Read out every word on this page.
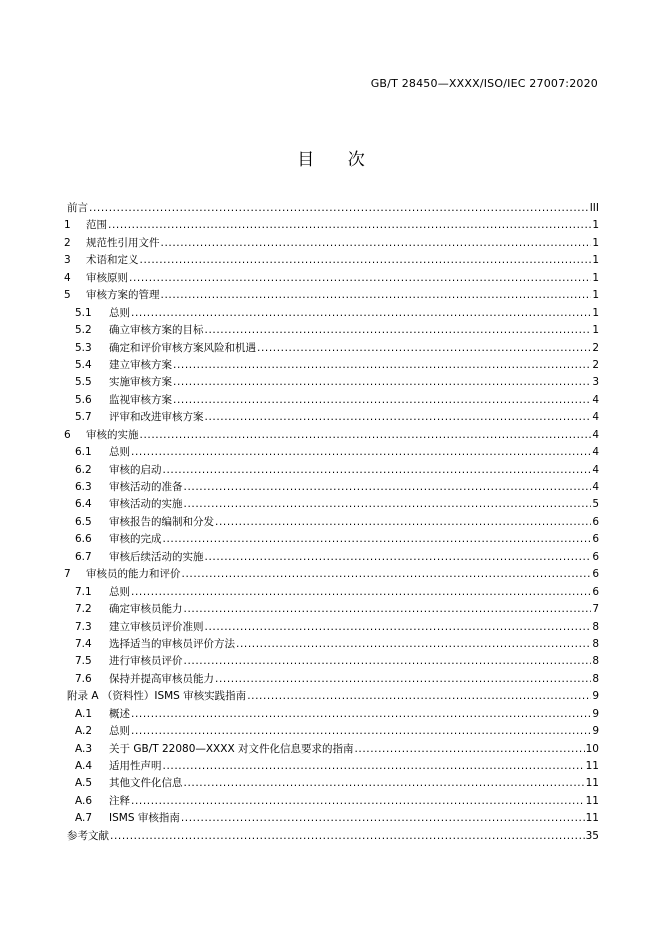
GB/T 28450—XXXX/ISO/IEC 27007:2020
目 次
前言 .....	III
1	范围 .....	1
2	规范性引用文件 .....	1
3	术语和定义 .....	1
4	审核原则 .....	1
5	审核方案的管理 .....	1
5.1	总则 .....	1
5.2	确立审核方案的目标 .....	1
5.3	确定和评价审核方案风险和机遇 .....	2
5.4	建立审核方案 .....	2
5.5	实施审核方案 .....	3
5.6	监视审核方案 .....	4
5.7	评审和改进审核方案 .....	4
6	审核的实施 .....	4
6.1	总则 .....	4
6.2	审核的启动 .....	4
6.3	审核活动的准备 .....	4
6.4	审核活动的实施 .....	5
6.5	审核报告的编制和分发 .....	6
6.6	审核的完成 .....	6
6.7	审核后续活动的实施 .....	6
7	审核员的能力和评价 .....	6
7.1	总则 .....	6
7.2	确定审核员能力 .....	7
7.3	建立审核员评价准则 .....	8
7.4	选择适当的审核员评价方法 .....	8
7.5	进行审核员评价 .....	8
7.6	保持并提高审核员能力 .....	8
附录 A （资料性）ISMS 审核实践指南 .....	9
A.1	概述 .....	9
A.2	总则 .....	9
A.3	关于 GB/T 22080—XXXX 对文件化信息要求的指南 .....	10
A.4	适用性声明 .....	11
A.5	其他文件化信息 .....	11
A.6	注释 .....	11
A.7	ISMS 审核指南 .....	11
参考文献 .....	35
